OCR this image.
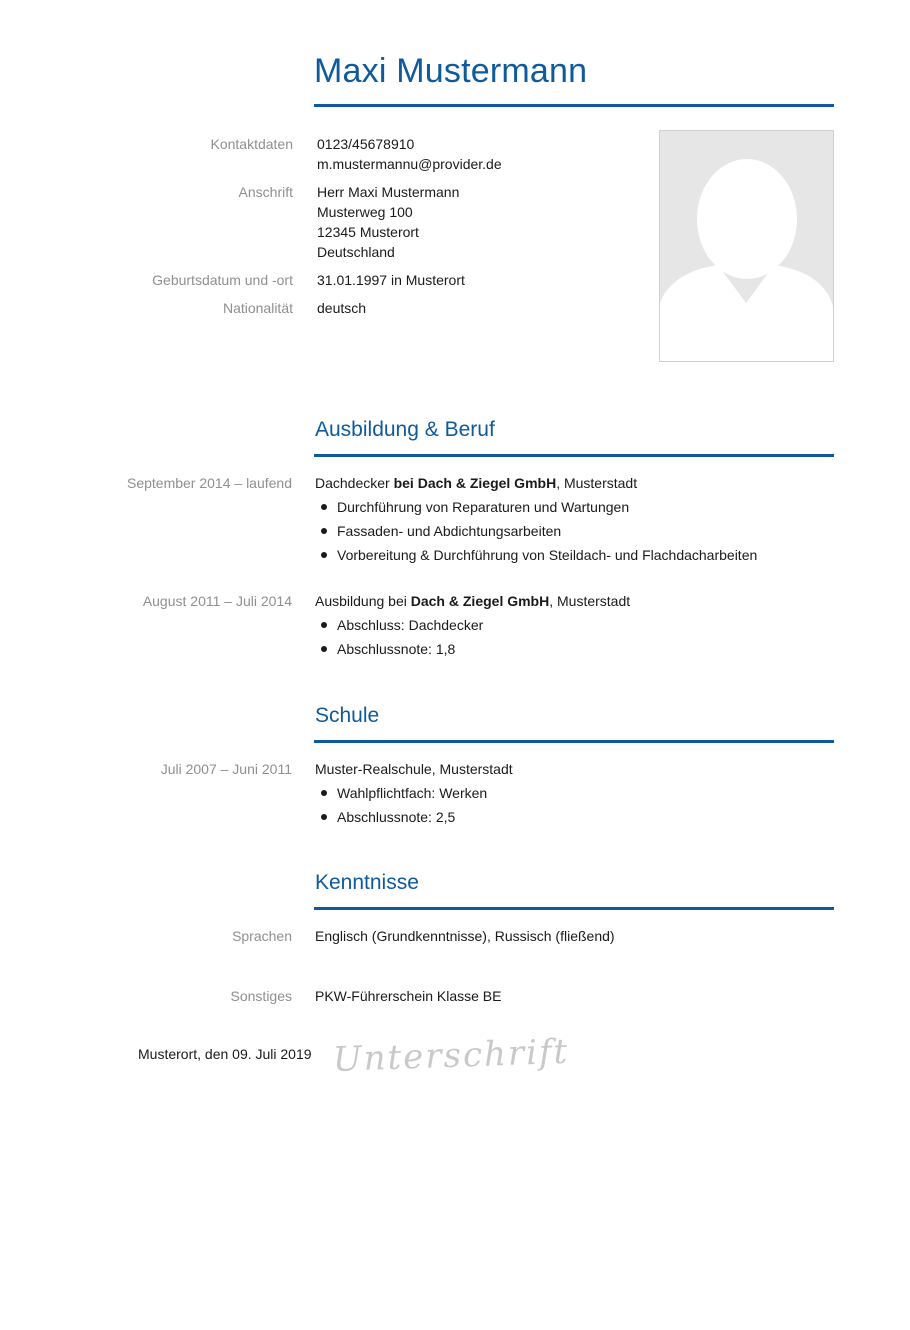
Maxi Mustermann
Kontaktdaten 0123/45678910
m.mustermannu@provider.de
Anschrift Herr Maxi Mustermann
Musterweg 100
12345 Musterort
Deutschland
Geburtsdatum und -ort 31.01.1997 in Musterort
Nationalität deutsch
Ausbildung & Beruf
September 2014 – laufend Dachdecker bei Dach & Ziegel GmbH, Musterstadt
Durchführung von Reparaturen und Wartungen
Fassaden- und Abdichtungsarbeiten
Vorbereitung & Durchführung von Steildach- und Flachdacharbeiten
August 2011 – Juli 2014 Ausbildung bei Dach & Ziegel GmbH, Musterstadt
Abschluss: Dachdecker
Abschlussnote: 1,8
Schule
Juli 2007 – Juni 2011 Muster-Realschule, Musterstadt
Wahlpflichtfach: Werken
Abschlussnote: 2,5
Kenntnisse
Sprachen Englisch (Grundkenntnisse), Russisch (fließend)
Sonstiges PKW-Führerschein Klasse BE
Musterort, den 09. Juli 2019 Unterschrift
